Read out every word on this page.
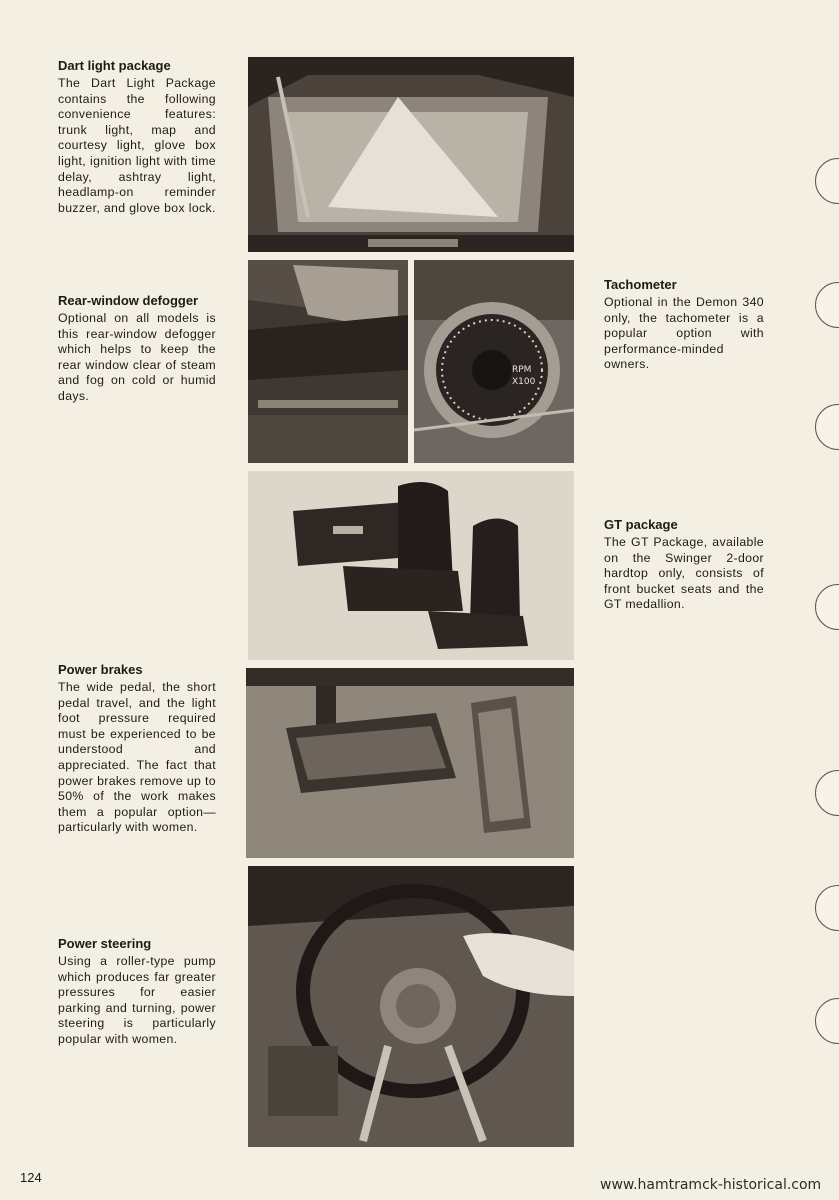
Dart light package

The Dart Light Package contains the following convenience features: trunk light, map and courtesy light, glove box light, ignition light with time delay, ashtray light, headlamp-on reminder buzzer, and glove box lock.

Rear-window defogger

Optional on all models is this rear-window defogger which helps to keep the rear window clear of steam and fog on cold or humid days.

Power brakes

The wide pedal, the short pedal travel, and the light foot pressure required must be experienced to be understood and appreciated. The fact that power brakes remove up to 50% of the work makes them a popular option—particularly with women.

Power steering

Using a roller-type pump which produces far greater pressures for easier parking and turning, power steering is particularly popular with women.

Tachometer

Optional in the Demon 340 only, the tachometer is a popular option with performance-minded owners.

GT package

The GT Package, available on the Swinger 2-door hardtop only, consists of front bucket seats and the GT medallion.

RPM
X100
124	www.hamtramck-historical.com
